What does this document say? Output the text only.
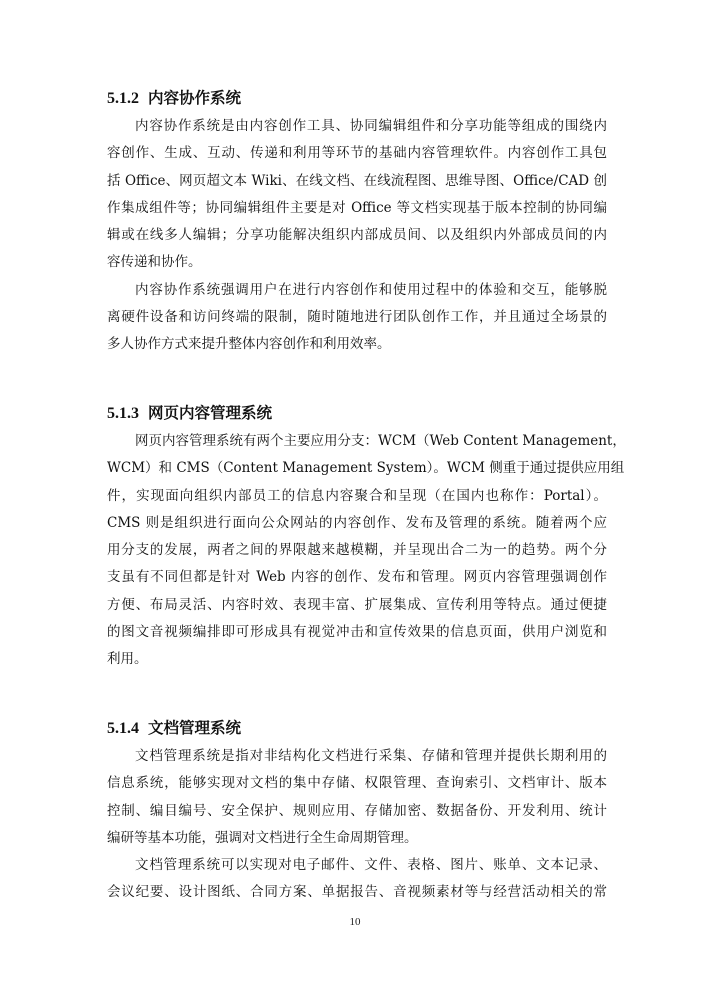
5.1.2 内容协作系统
内容协作系统是由内容创作工具、协同编辑组件和分享功能等组成的围绕内
容创作、生成、互动、传递和利用等环节的基础内容管理软件。内容创作工具包
括 Office、网页超文本 Wiki、在线文档、在线流程图、思维导图、Office/CAD 创
作集成组件等；协同编辑组件主要是对 Office 等文档实现基于版本控制的协同编
辑或在线多人编辑；分享功能解决组织内部成员间、以及组织内外部成员间的内
容传递和协作。
内容协作系统强调用户在进行内容创作和使用过程中的体验和交互，能够脱
离硬件设备和访问终端的限制，随时随地进行团队创作工作，并且通过全场景的
多人协作方式来提升整体内容创作和利用效率。
5.1.3 网页内容管理系统
网页内容管理系统有两个主要应用分支：WCM（Web Content Management，
WCM）和 CMS（Content Management System）。WCM 侧重于通过提供应用组
件，实现面向组织内部员工的信息内容聚合和呈现（在国内也称作：Portal）。
CMS 则是组织进行面向公众网站的内容创作、发布及管理的系统。随着两个应
用分支的发展，两者之间的界限越来越模糊，并呈现出合二为一的趋势。两个分
支虽有不同但都是针对 Web 内容的创作、发布和管理。网页内容管理强调创作
方便、布局灵活、内容时效、表现丰富、扩展集成、宣传利用等特点。通过便捷
的图文音视频编排即可形成具有视觉冲击和宣传效果的信息页面，供用户浏览和
利用。
5.1.4 文档管理系统
文档管理系统是指对非结构化文档进行采集、存储和管理并提供长期利用的
信息系统，能够实现对文档的集中存储、权限管理、查询索引、文档审计、版本
控制、编目编号、安全保护、规则应用、存储加密、数据备份、开发利用、统计
编研等基本功能，强调对文档进行全生命周期管理。
文档管理系统可以实现对电子邮件、文件、表格、图片、账单、文本记录、
会议纪要、设计图纸、合同方案、单据报告、音视频素材等与经营活动相关的常
10
